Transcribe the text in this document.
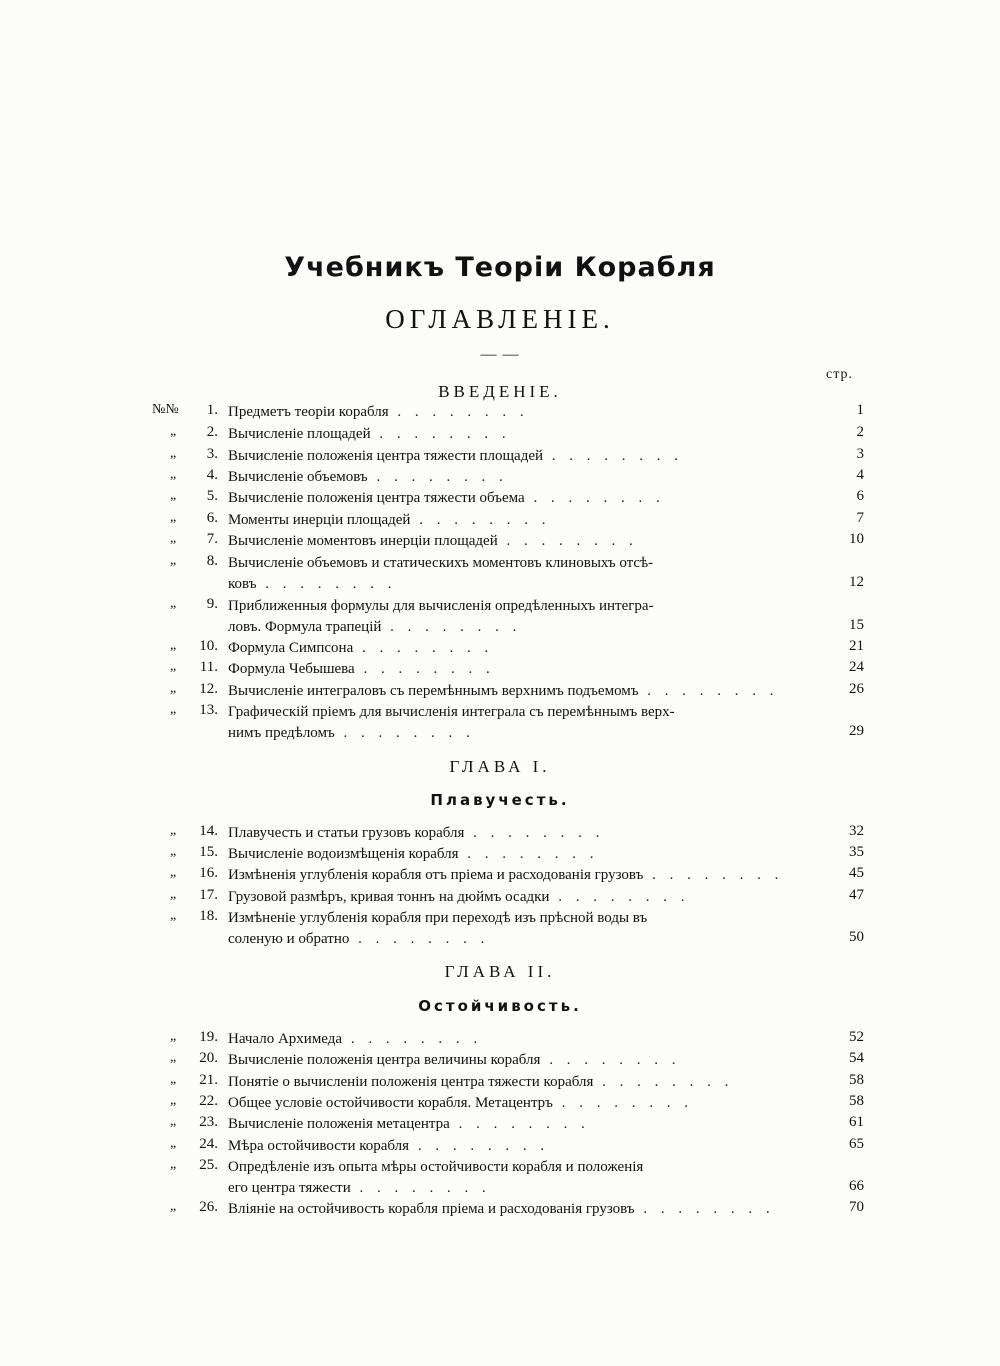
Учебникъ Теорiи Корабля
ОГЛАВЛЕНIЕ.
— —
стр.
ВВЕДЕНIЕ.
ГЛАВА I.
Плавучесть.
ГЛАВА II.
Остойчивость.
№№	1. Предметъ теорiи корабля . . . . . . . .	1
„	2. Вычисленiе площадей . . . . . . . .	2
„	3. Вычисленiе положенiя центра тяжести площадей . . . . . . . .	3
„	4. Вычисленiе объемовъ . . . . . . . .	4
„	5. Вычисленiе положенiя центра тяжести объема . . . . . . . .	6
„	6. Моменты инерцiи площадей . . . . . . . .	7
„	7. Вычисленiе моментовъ инерцiи площадей . . . . . . . .	10
„	8. Вычисленiе объемовъ и статическихъ моментовъ клиновыхъ отсѣ-
ковъ . . . . . . . .	12
„	9. Приближенныя формулы для вычисленiя опредѣленныхъ интегра-
ловъ. Формула трапецiй . . . . . . . .	15
„	10. Формула Симпсона . . . . . . . .	21
„	11. Формула Чебышева . . . . . . . .	24
„	12. Вычисленiе интеграловъ съ перемѣннымъ верхнимъ подъемомъ . . . . . . . .	26
„	13. Графическiй прiемъ для вычисленiя интеграла съ перемѣннымъ верх-
нимъ предѣломъ . . . . . . . .	29
„	14. Плавучесть и статьи грузовъ корабля . . . . . . . .	32
„	15. Вычисленiе водоизмѣщенiя корабля . . . . . . . .	35
„	16. Измѣненiя углубленiя корабля отъ прiема и расходованiя грузовъ . . . . . . . .	45
„	17. Грузовой размѣръ, кривая тоннъ на дюймъ осадки . . . . . . . .	47
„	18. Измѣненiе углубленiя корабля при переходѣ изъ прѣсной воды въ
соленую и обратно . . . . . . . .	50
„	19. Начало Архимеда . . . . . . . .	52
„	20. Вычисленiе положенiя центра величины корабля . . . . . . . .	54
„	21. Понятiе о вычисленiи положенiя центра тяжести корабля . . . . . . . .	58
„	22. Общее условiе остойчивости корабля. Метацентръ . . . . . . . .	58
„	23. Вычисленiе положенiя метацентра . . . . . . . .	61
„	24. Мѣра остойчивости корабля . . . . . . . .	65
„	25. Опредѣленiе изъ опыта мѣры остойчивости корабля и положенiя
его центра тяжести . . . . . . . .	66
„	26. Влiянiе на остойчивость корабля прiема и расходованiя грузовъ . . . . . . . .	70
